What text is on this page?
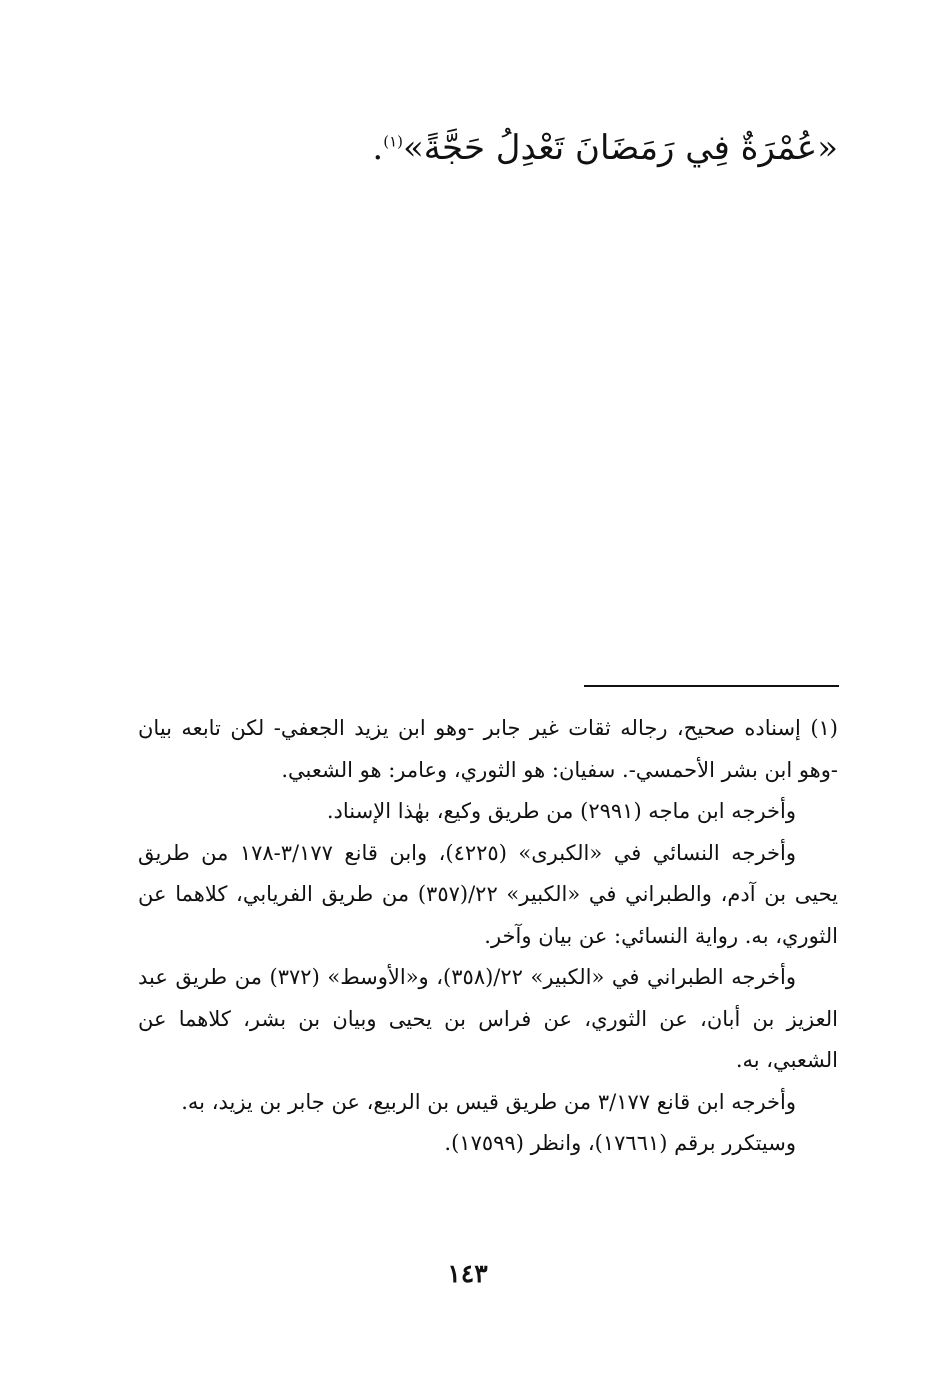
«عُمْرَةٌ فِي رَمَضَانَ تَعْدِلُ حَجَّةً»$^{(١)}$.

(١) إسناده صحيح، رجاله ثقات غير جابر -وهو ابن يزيد الجعفي- لكن تابعه بيان -وهو ابن بشر الأحمسي-. سفيان: هو الثوري، وعامر: هو الشعبي.

وأخرجه ابن ماجه (٢٩٩١) من طريق وكيع، بهٰذا الإسناد.

وأخرجه النسائي في «الكبرى» (٤٢٢٥)، وابن قانع ٣/١٧٧-١٧٨ من طريق يحيى بن آدم، والطبراني في «الكبير» ٢٢/(٣٥٧) من طريق الفريابي، كلاهما عن الثوري، به. رواية النسائي: عن بيان وآخر.

وأخرجه الطبراني في «الكبير» ٢٢/(٣٥٨)، و«الأوسط» (٣٧٢) من طريق عبد العزيز بن أبان، عن الثوري، عن فراس بن يحيى وبيان بن بشر، كلاهما عن الشعبي، به.

وأخرجه ابن قانع ٣/١٧٧ من طريق قيس بن الربيع، عن جابر بن يزيد، به.

وسيتكرر برقم (١٧٦٦١)، وانظر (١٧٥٩٩).

١٤٣
